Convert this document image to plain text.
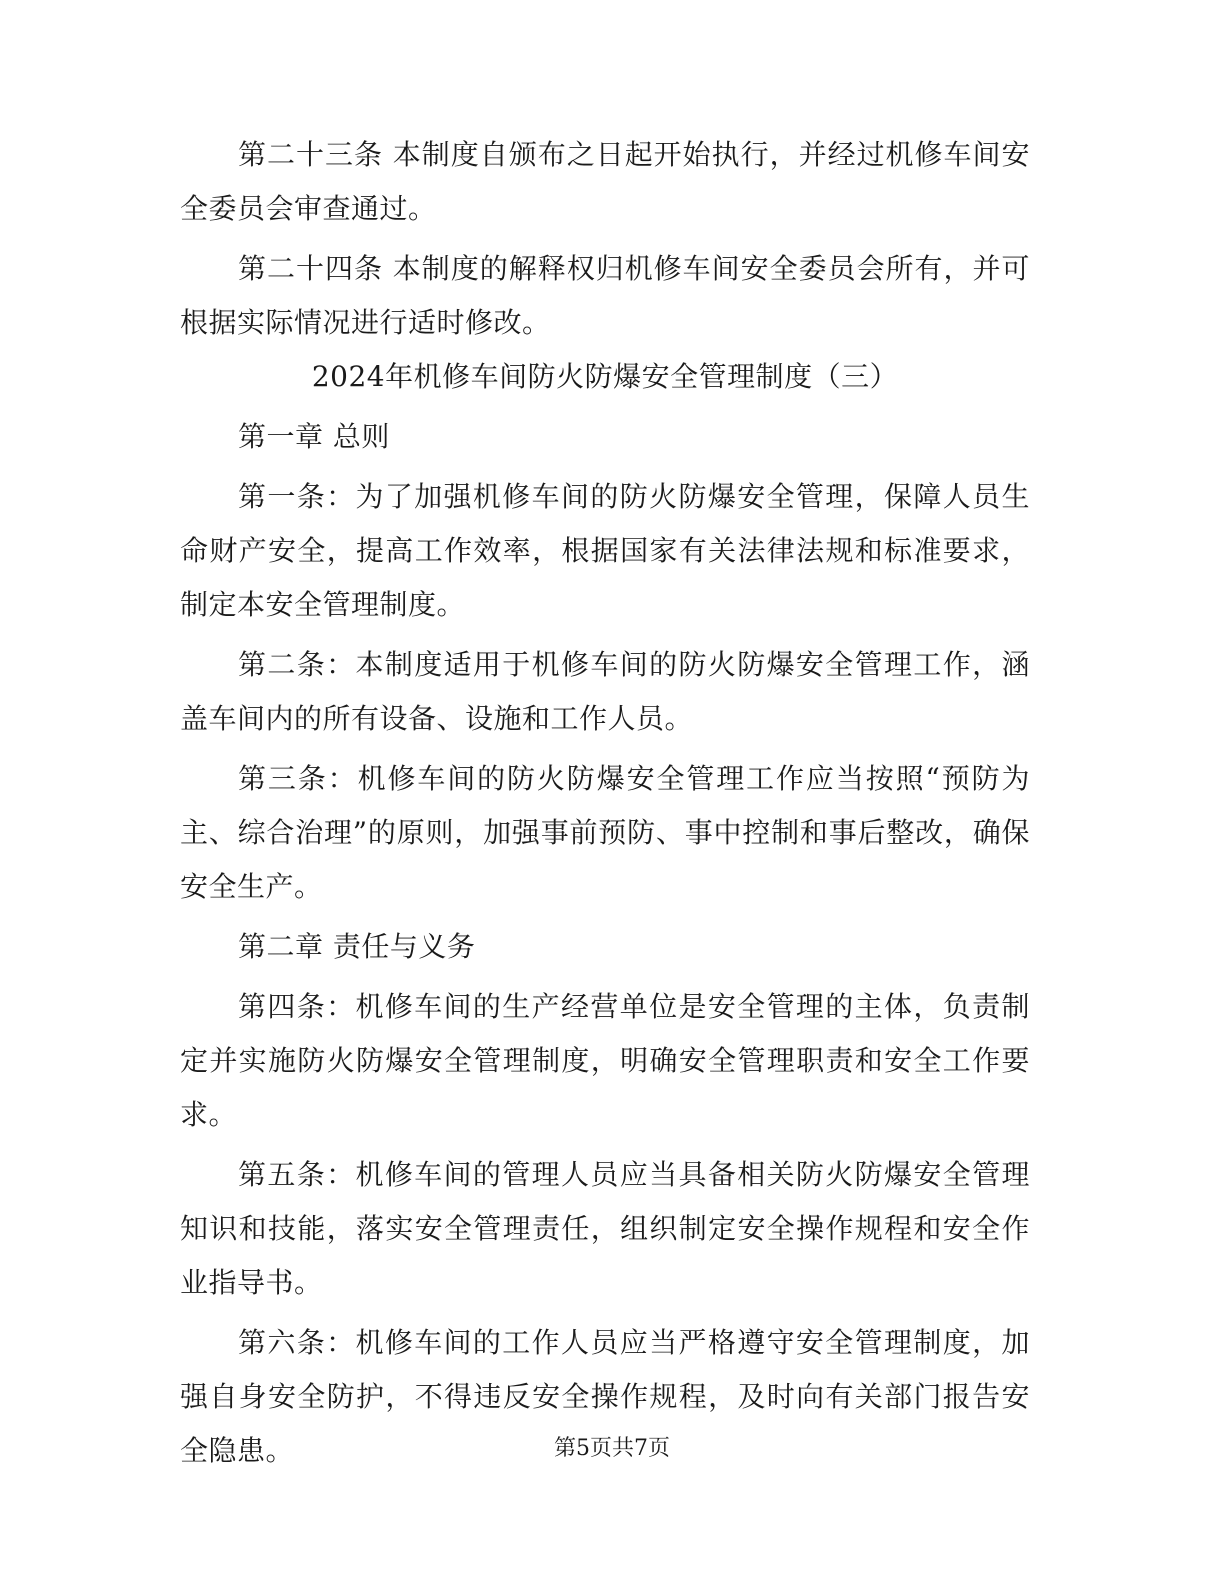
第二十三条 本制度自颁布之日起开始执行，并经过机修车间安全委员会审查通过。

第二十四条 本制度的解释权归机修车间安全委员会所有，并可根据实际情况进行适时修改。

2024年机修车间防火防爆安全管理制度（三）

第一章 总则

第一条：为了加强机修车间的防火防爆安全管理，保障人员生命财产安全，提高工作效率，根据国家有关法律法规和标准要求，制定本安全管理制度。

第二条：本制度适用于机修车间的防火防爆安全管理工作，涵盖车间内的所有设备、设施和工作人员。

第三条：机修车间的防火防爆安全管理工作应当按照“预防为主、综合治理”的原则，加强事前预防、事中控制和事后整改，确保安全生产。

第二章 责任与义务

第四条：机修车间的生产经营单位是安全管理的主体，负责制定并实施防火防爆安全管理制度，明确安全管理职责和安全工作要求。

第五条：机修车间的管理人员应当具备相关防火防爆安全管理知识和技能，落实安全管理责任，组织制定安全操作规程和安全作业指导书。

第六条：机修车间的工作人员应当严格遵守安全管理制度，加强自身安全防护，不得违反安全操作规程，及时向有关部门报告安全隐患。	第5页共7页
